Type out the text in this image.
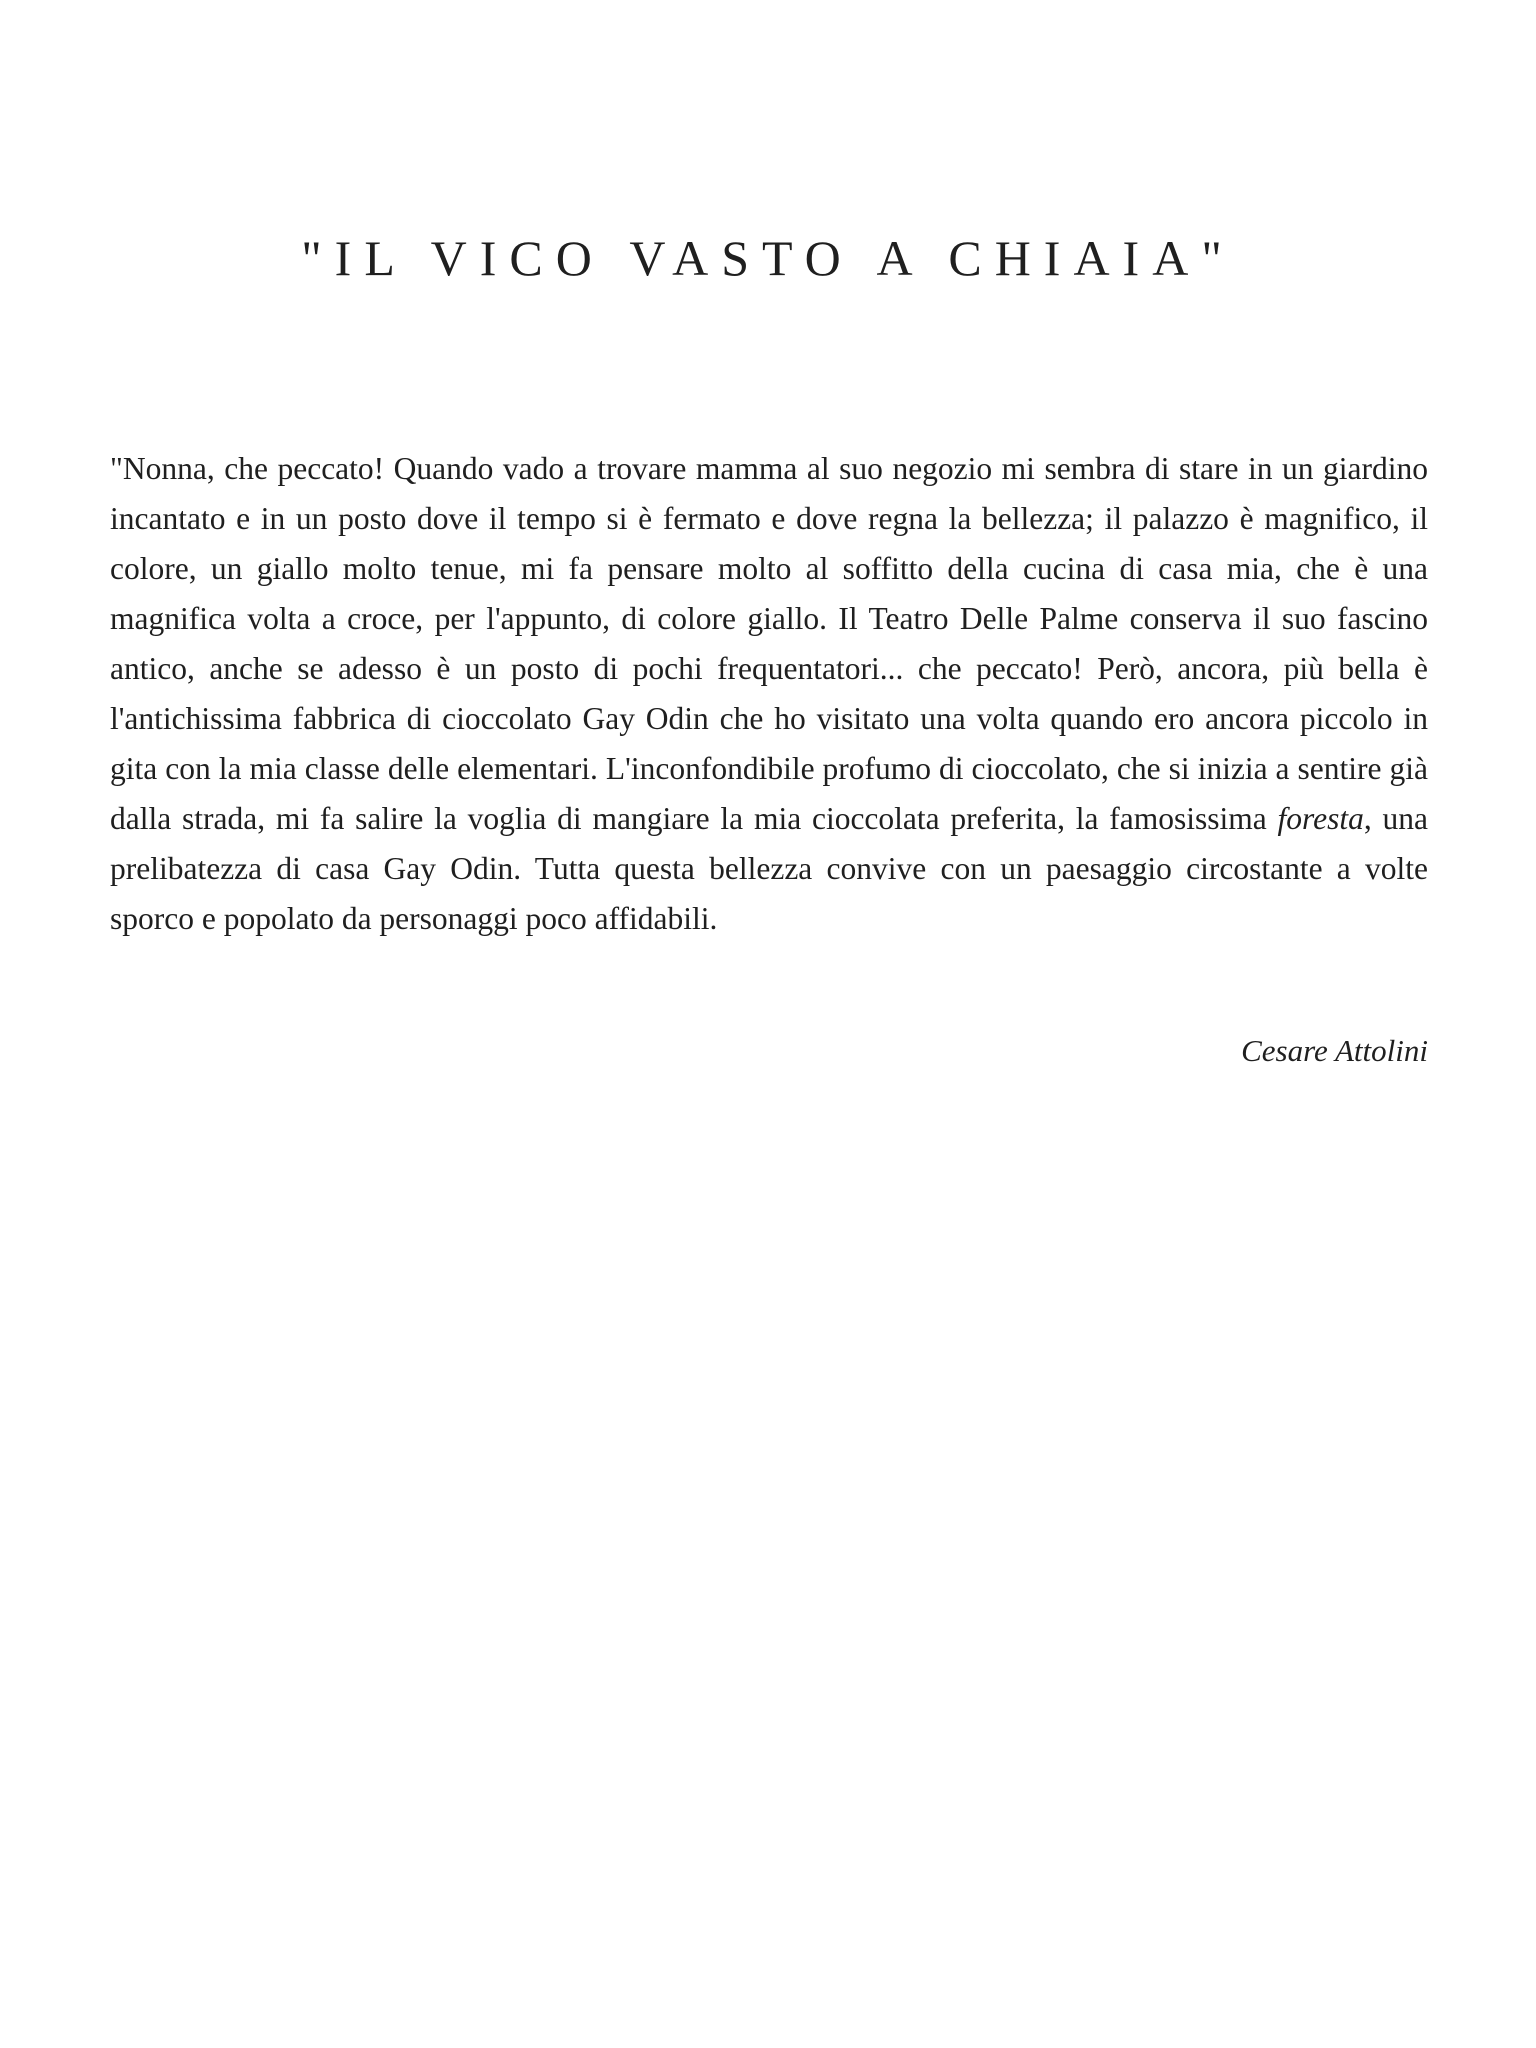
"IL VICO VASTO A CHIAIA"

"Nonna, che peccato! Quando vado a trovare mamma al suo negozio mi sembra di stare in un giardino incantato e in un posto dove il tempo si è fermato e dove regna la bellezza; il palazzo è magnifico, il colore, un giallo molto tenue, mi fa pensare molto al soffitto della cucina di casa mia, che è una magnifica volta a croce, per l'appunto, di colore giallo. Il Teatro Delle Palme conserva il suo fascino antico, anche se adesso è un posto di pochi frequentatori... che peccato! Però, ancora, più bella è l'antichissima fabbrica di cioccolato Gay Odin che ho visitato una volta quando ero ancora piccolo in gita con la mia classe delle elementari. L'inconfondibile profumo di cioccolato, che si inizia a sentire già dalla strada, mi fa salire la voglia di mangiare la mia cioccolata preferita, la famosissima foresta, una prelibatezza di casa Gay Odin. Tutta questa bellezza convive con un paesaggio circostante a volte sporco e popolato da personaggi poco affidabili.

Cesare Attolini
